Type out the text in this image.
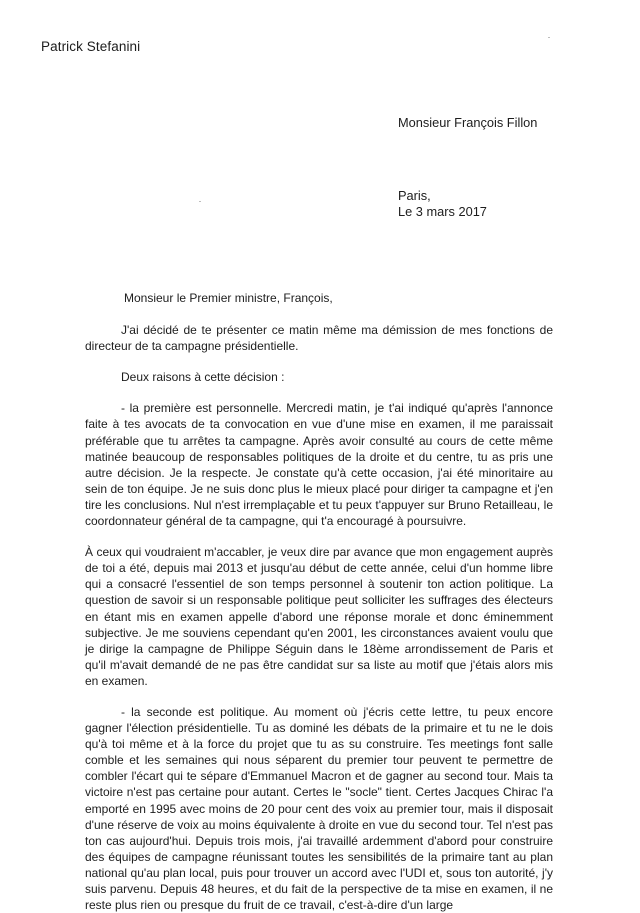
Patrick Stefanini
Monsieur François Fillon
Paris,
Le 3 mars 2017
Monsieur le Premier ministre, François,

J'ai décidé de te présenter ce matin même ma démission de mes fonctions de directeur de ta campagne présidentielle.

Deux raisons à cette décision :

- la première est personnelle. Mercredi matin, je t'ai indiqué qu'après l'annonce faite à tes avocats de ta convocation en vue d'une mise en examen, il me paraissait préférable que tu arrêtes ta campagne. Après avoir consulté au cours de cette même matinée beaucoup de responsables politiques de la droite et du centre, tu as pris une autre décision. Je la respecte. Je constate qu'à cette occasion, j'ai été minoritaire au sein de ton équipe. Je ne suis donc plus le mieux placé pour diriger ta campagne et j'en tire les conclusions. Nul n'est irremplaçable et tu peux t'appuyer sur Bruno Retailleau, le coordonnateur général de ta campagne, qui t'a encouragé à poursuivre.

À ceux qui voudraient m'accabler, je veux dire par avance que mon engagement auprès de toi a été, depuis mai 2013 et jusqu'au début de cette année, celui d'un homme libre qui a consacré l'essentiel de son temps personnel à soutenir ton action politique. La question de savoir si un responsable politique peut solliciter les suffrages des électeurs en étant mis en examen appelle d'abord une réponse morale et donc éminemment subjective. Je me souviens cependant qu'en 2001, les circonstances avaient voulu que je dirige la campagne de Philippe Séguin dans le 18ème arrondissement de Paris et qu'il m'avait demandé de ne pas être candidat sur sa liste au motif que j'étais alors mis en examen.

- la seconde est politique. Au moment où j'écris cette lettre, tu peux encore gagner l'élection présidentielle. Tu as dominé les débats de la primaire et tu ne le dois qu'à toi même et à la force du projet que tu as su construire. Tes meetings font salle comble et les semaines qui nous séparent du premier tour peuvent te permettre de combler l'écart qui te sépare d'Emmanuel Macron et de gagner au second tour. Mais ta victoire n'est pas certaine pour autant. Certes le "socle" tient. Certes Jacques Chirac l'a emporté en 1995 avec moins de 20 pour cent des voix au premier tour, mais il disposait d'une réserve de voix au moins équivalente à droite en vue du second tour. Tel n'est pas ton cas aujourd'hui. Depuis trois mois, j'ai travaillé ardemment d'abord pour construire des équipes de campagne réunissant toutes les sensibilités de la primaire tant au plan national qu'au plan local, puis pour trouver un accord avec l'UDI et, sous ton autorité, j'y suis parvenu. Depuis 48 heures, et du fait de la perspective de ta mise en examen, il ne reste plus rien ou presque du fruit de ce travail, c'est-à-dire d'un large
